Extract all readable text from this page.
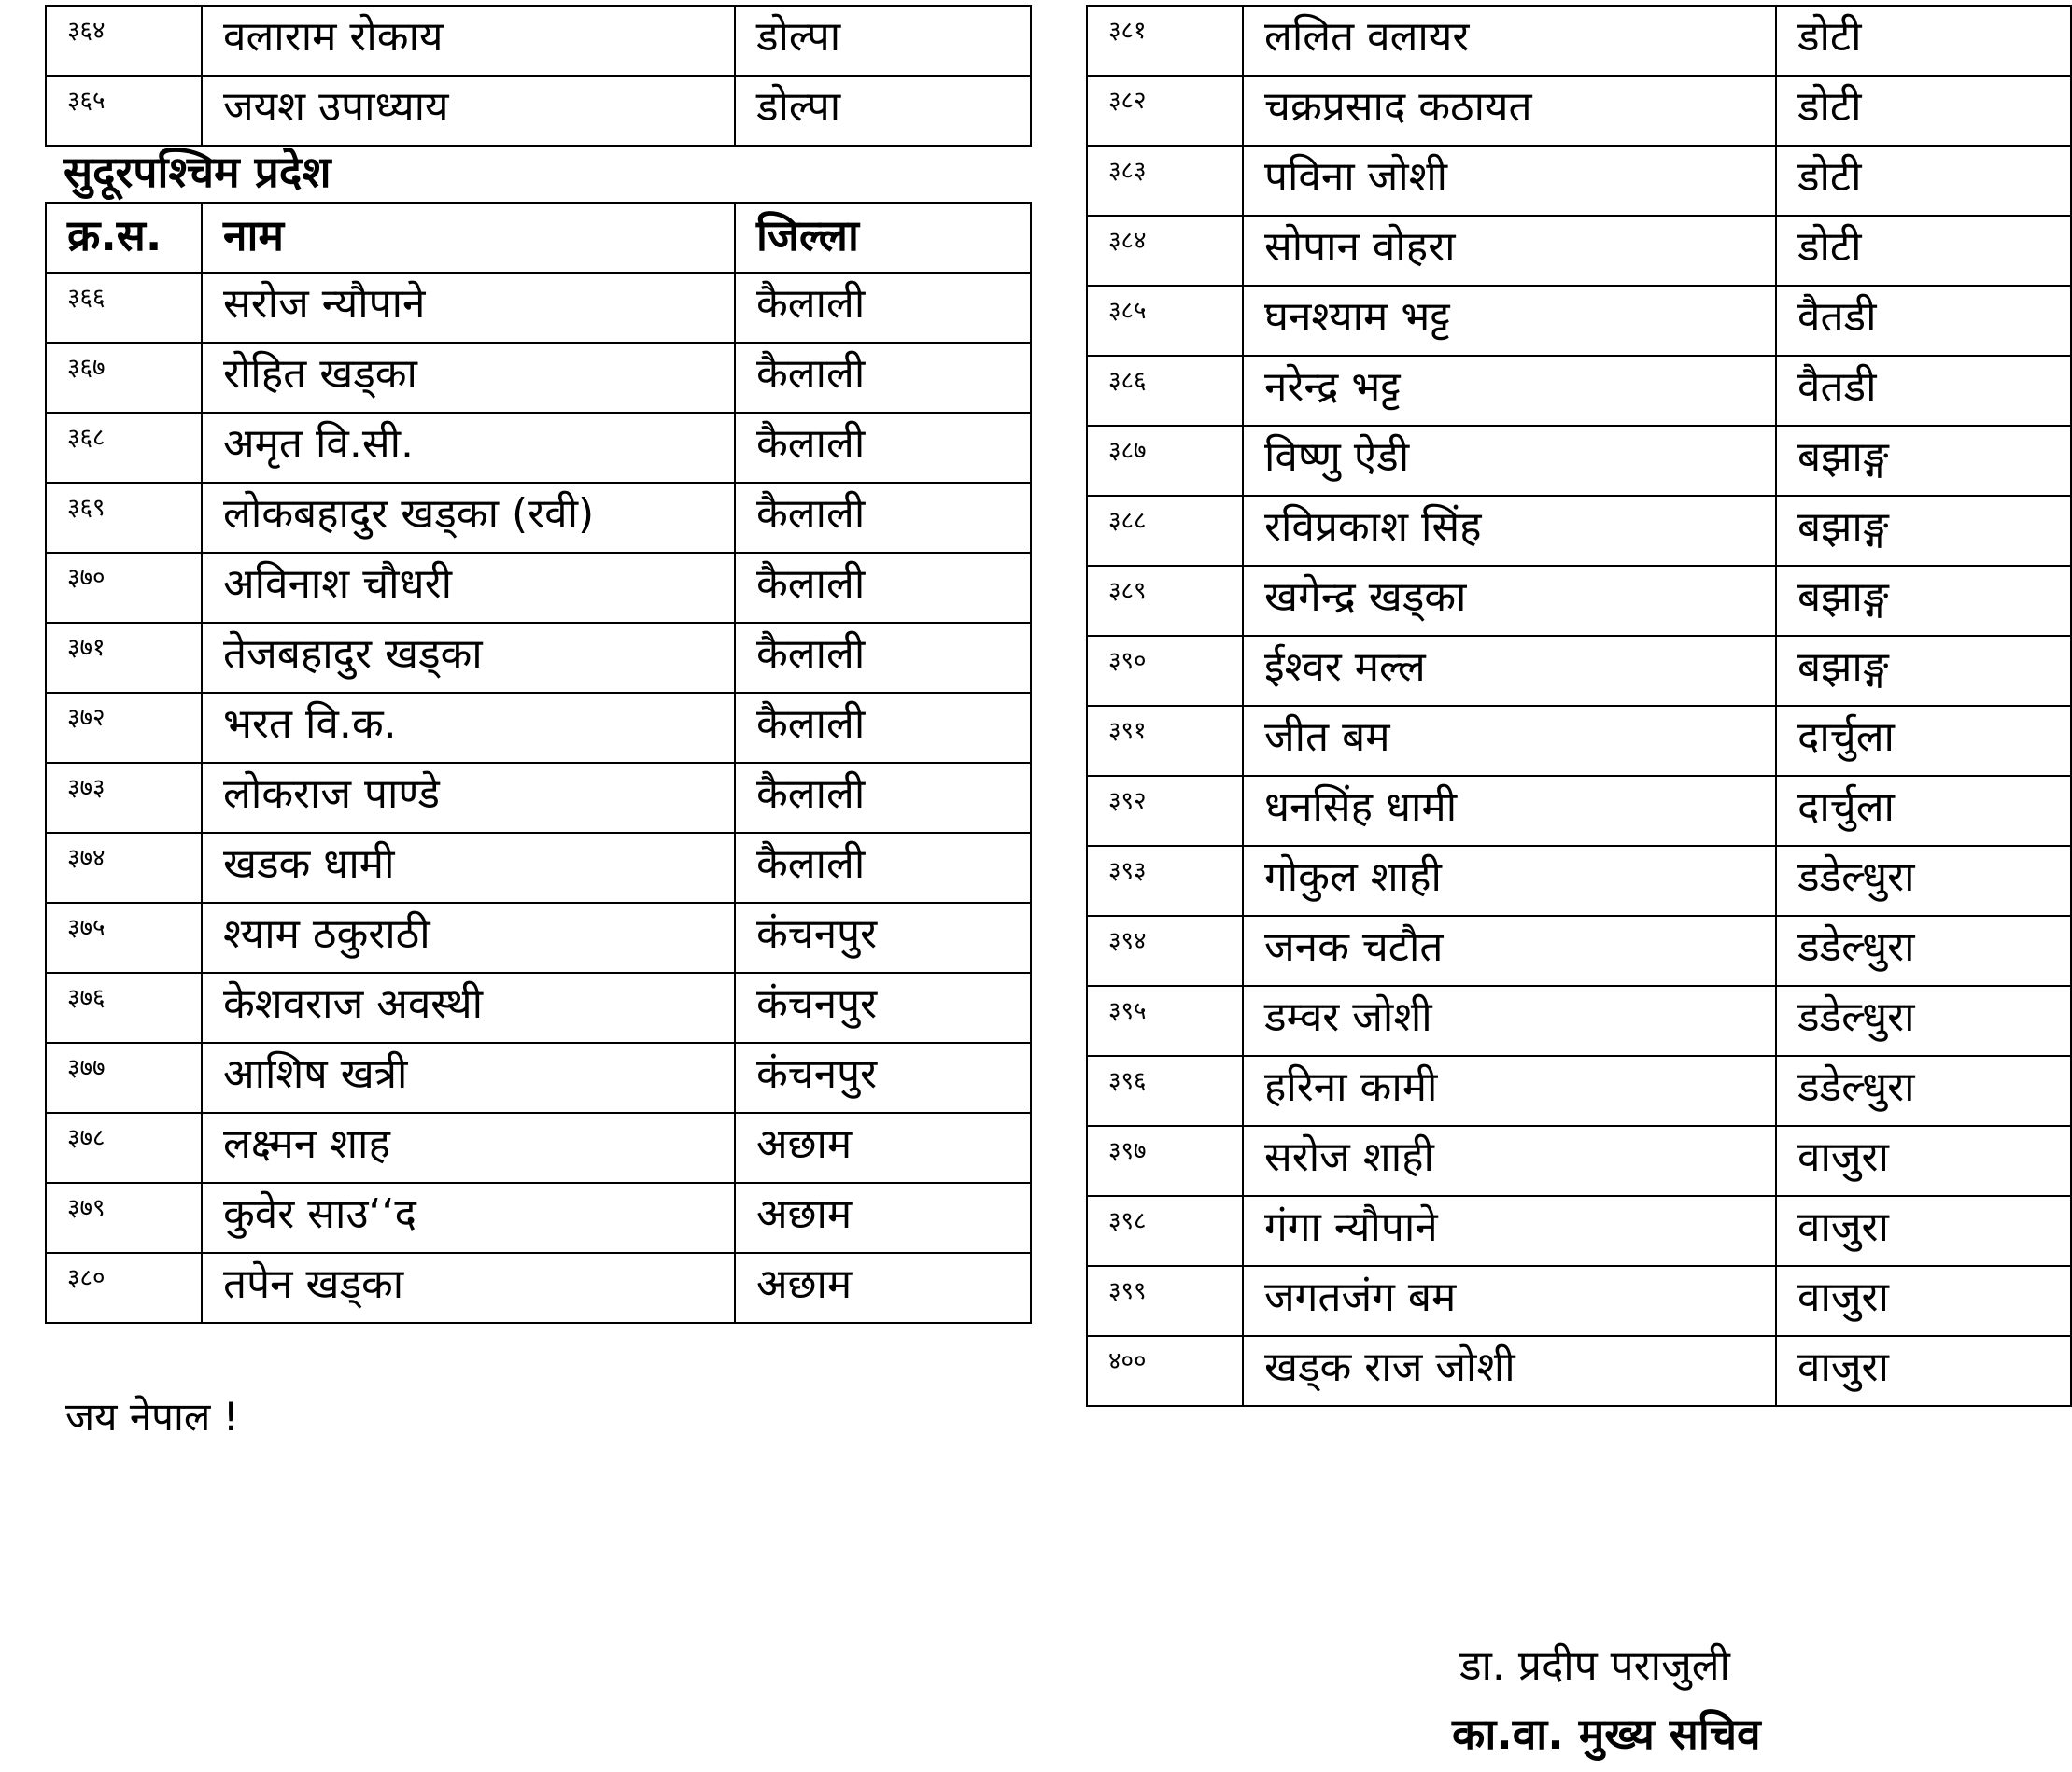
३६४	वलाराम रोकाय	डोल्पा
३६५	जयश उपाध्याय	डोल्पा
सुदूरपश्चिम प्रदेश
क्र.स.	नाम	जिल्ला
३६६	सरोज न्यौपाने	कैलाली
३६७	रोहित खड्का	कैलाली
३६८	अमृत वि.सी.	कैलाली
३६९	लोकबहादुर खड्का (रवी)	कैलाली
३७०	अविनाश चौधरी	कैलाली
३७१	तेजबहादुर खड्का	कैलाली
३७२	भरत वि.क.	कैलाली
३७३	लोकराज पाण्डे	कैलाली
३७४	खडक धामी	कैलाली
३७५	श्याम ठकुराठी	कंचनपुर
३७६	केशवराज अवस्थी	कंचनपुर
३७७	आशिष खत्री	कंचनपुर
३७८	लक्ष्मन शाह	अछाम
३७९	कुवेर साउ‘‘द	अछाम
३८०	तपेन खड्का	अछाम
३८१	ललित वलायर	डोटी
३८२	चक्रप्रसाद कठायत	डोटी
३८३	पविना जोशी	डोटी
३८४	सोपान वोहरा	डोटी
३८५	घनश्याम भट्ट	वैतडी
३८६	नरेन्द्र भट्ट	वैतडी
३८७	विष्णु ऐडी	बझाङ्ग
३८८	रविप्रकाश सिंह	बझाङ्ग
३८९	खगेन्द्र खड्का	बझाङ्ग
३९०	ईश्वर मल्ल	बझाङ्ग
३९१	जीत बम	दार्चुला
३९२	धनसिंह धामी	दार्चुला
३९३	गोकुल शाही	डडेल्धुरा
३९४	जनक चटौत	डडेल्धुरा
३९५	डम्वर जोशी	डडेल्धुरा
३९६	हरिना कामी	डडेल्धुरा
३९७	सरोज शाही	वाजुरा
३९८	गंगा न्यौपाने	वाजुरा
३९९	जगतजंग बम	वाजुरा
४००	खड्क राज जोशी	वाजुरा
जय नेपाल !
डा. प्रदीप पराजुली
का.वा. मुख्य सचिव
